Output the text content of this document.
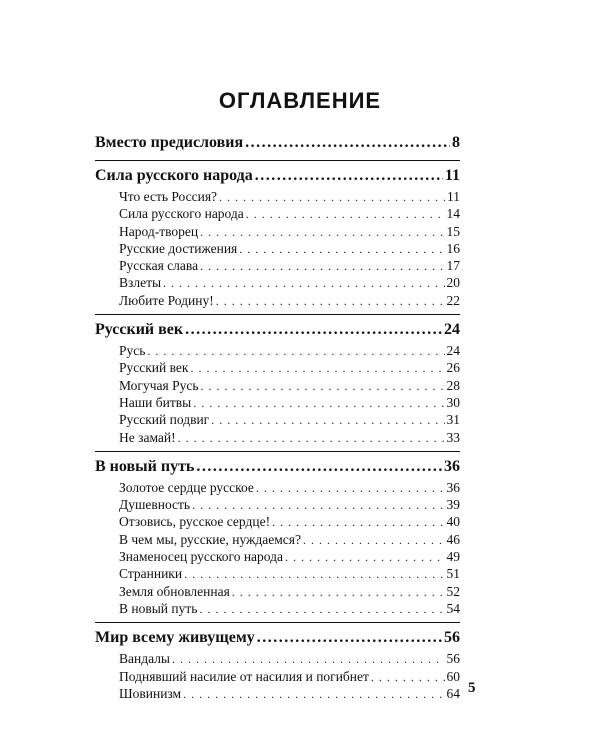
ОГЛАВЛЕНИЕ
Вместо предисловия .....	8
Сила русского народа .....	11
Что есть Россия? . . .	11
Сила русского народа . . .	14
Народ-творец . . .	15
Русские достижения . . .	16
Русская слава . . .	17
Взлеты . . .	20
Любите Родину! . . .	22
Русский век .....	24
Русь . . .	24
Русский век . . .	26
Могучая Русь . . .	28
Наши битвы . . .	30
Русский подвиг . . .	31
Не замай! . . .	33
В новый путь .....	36
Золотое сердце русское . . .	36
Душевность . . .	39
Отзовись, русское сердце! . . .	40
В чем мы, русские, нуждаемся? . . .	46
Знаменосец русского народа . . .	49
Странники . . .	51
Земля обновленная . . .	52
В новый путь . . .	54
Мир всему живущему .....	56
Вандалы . . .	56
Поднявший насилие от насилия и погибнет . . .	60
Шовинизм . . .	64 5
